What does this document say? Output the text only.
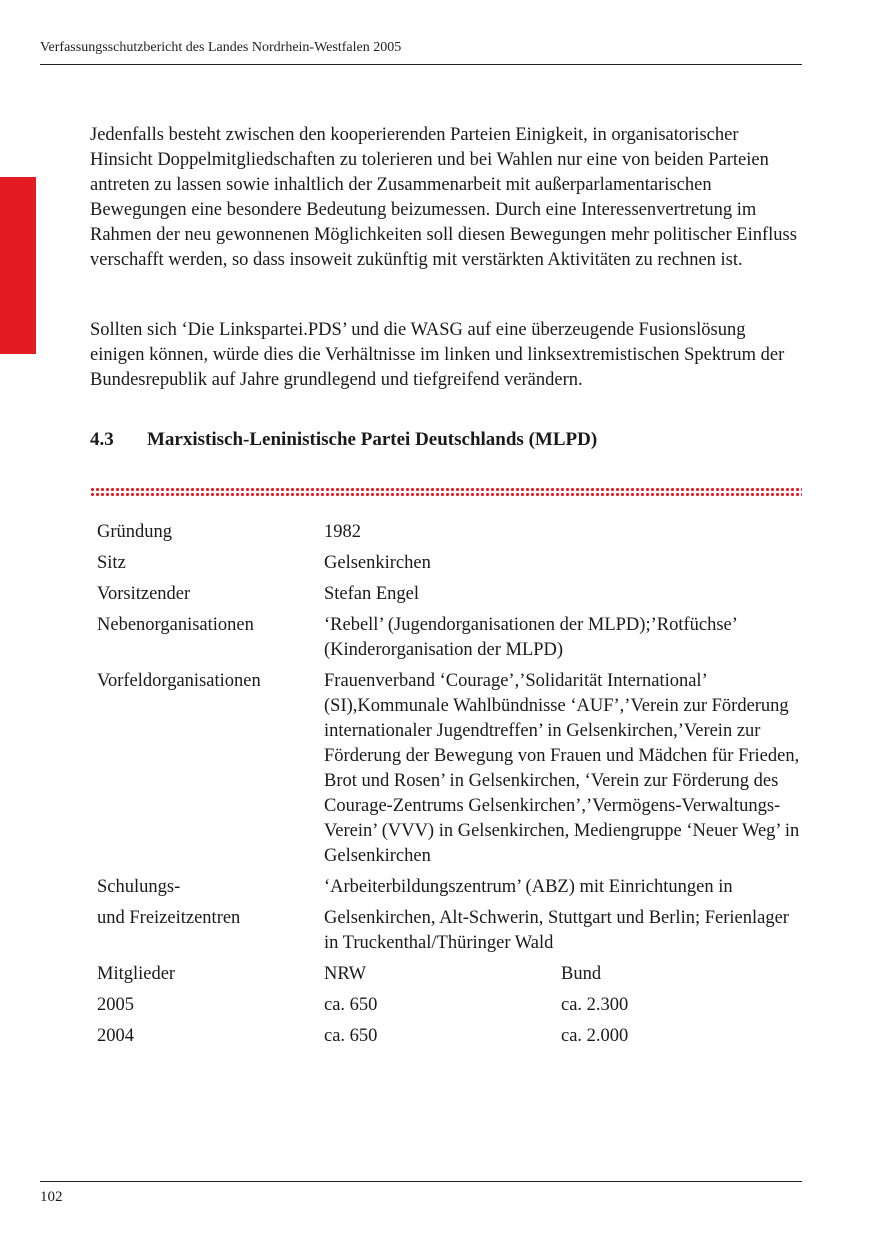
Verfassungsschutzbericht des Landes Nordrhein-Westfalen 2005

Jedenfalls besteht zwischen den kooperierenden Parteien Einigkeit, in organisatorischer Hinsicht Doppelmitgliedschaften zu tolerieren und bei Wahlen nur eine von beiden Parteien antreten zu lassen sowie inhaltlich der Zusammenarbeit mit außerparlamentarischen Bewegungen eine besondere Bedeutung beizumessen. Durch eine Interessenvertretung im Rahmen der neu gewonnenen Möglichkeiten soll diesen Bewegungen mehr politischer Einfluss verschafft werden, so dass insoweit zukünftig mit verstärkten Aktivitäten zu rechnen ist.

Sollten sich ‘Die Linkspartei.PDS’ und die WASG auf eine überzeugende Fusionslösung einigen können, würde dies die Verhältnisse im linken und linksextremistischen Spektrum der Bundesrepublik auf Jahre grundlegend und tiefgreifend verändern.

4.3 Marxistisch-Leninistische Partei Deutschlands (MLPD)
Gründung	1982
Sitz	Gelsenkirchen
Vorsitzender	Stefan Engel
Nebenorganisationen	‘Rebell’ (Jugendorganisationen der MLPD);’Rotfüchse’ (Kinderorganisation der MLPD)
Vorfeldorganisationen	Frauenverband ‘Courage’,’Solidarität International’ (SI),Kommunale Wahlbündnisse ‘AUF’,’Verein zur Förderung internationaler Jugendtreffen’ in Gelsenkirchen,’Verein zur Förderung der Bewegung von Frauen und Mädchen für Frieden, Brot und Rosen’ in Gelsenkirchen, ‘Verein zur Förderung des Courage-Zentrums Gelsenkirchen’,’Vermögens-Verwaltungs-Verein’ (VVV) in Gelsenkirchen, Mediengruppe ‘Neuer Weg’ in Gelsenkirchen
Schulungs-	‘Arbeiterbildungszentrum’ (ABZ) mit Einrichtungen in
und Freizeitzentren	Gelsenkirchen, Alt-Schwerin, Stuttgart und Berlin; Ferienlager in Truckenthal/Thüringer Wald
Mitglieder	NRW	Bund
2005	ca. 650	ca. 2.300
2004	ca. 650	ca. 2.000
102
